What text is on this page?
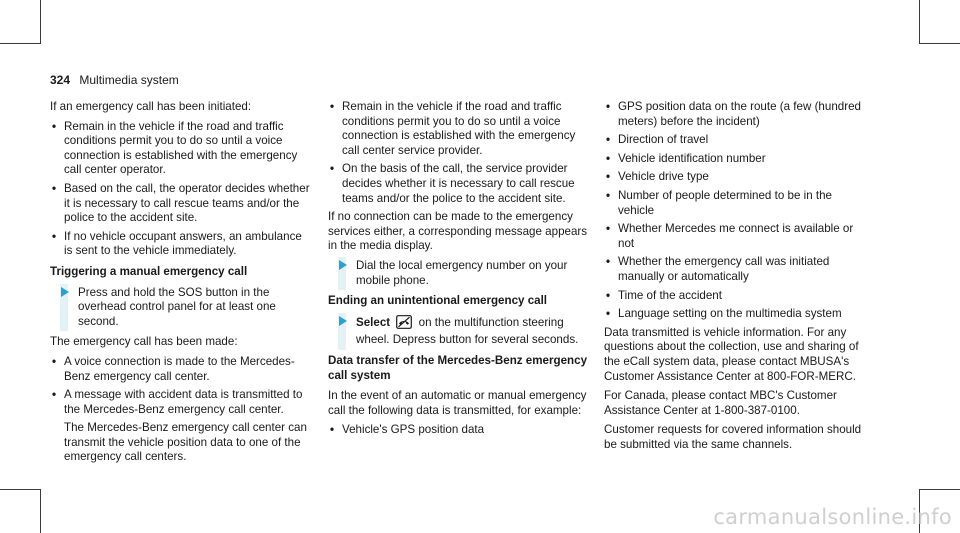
324 Multimedia system

If an emergency call has been initiated:

• Remain in the vehicle if the road and traffic conditions permit you to do so until a voice connection is established with the emergency call center operator.
• Based on the call, the operator decides whether it is necessary to call rescue teams and/or the police to the accident site.
• If no vehicle occupant answers, an ambulance is sent to the vehicle immediately.
Triggering a manual emergency call
Press and hold the SOS button in the overhead control panel for at least one second.

The emergency call has been made:

• A voice connection is made to the Mercedes-Benz emergency call center.
• A message with accident data is transmitted to the Mercedes-Benz emergency call center.
The Mercedes-Benz emergency call center can transmit the vehicle position data to one of the emergency call centers.
• Remain in the vehicle if the road and traffic conditions permit you to do so until a voice connection is established with the emergency call center service provider.
• On the basis of the call, the service provider decides whether it is necessary to call rescue teams and/or the police to the accident site.

If no connection can be made to the emergency services either, a corresponding message appears in the media display.

Dial the local emergency number on your mobile phone.
Ending an unintentional emergency call
Select on the multifunction steering wheel. Depress button for several seconds.
Data transfer of the Mercedes-Benz emergency call system

In the event of an automatic or manual emergency call the following data is transmitted, for example:

• Vehicle's GPS position data
• GPS position data on the route (a few (hundred meters) before the incident)
• Direction of travel
• Vehicle identification number
• Vehicle drive type
• Number of people determined to be in the vehicle
• Whether Mercedes me connect is available or not
• Whether the emergency call was initiated manually or automatically
• Time of the accident
• Language setting on the multimedia system

Data transmitted is vehicle information. For any questions about the collection, use and sharing of the eCall system data, please contact MBUSA's Customer Assistance Center at 800-FOR-MERC.

For Canada, please contact MBC's Customer Assistance Center at 1-800-387-0100.

Customer requests for covered information should be submitted via the same channels.

carmanualsonline.info
